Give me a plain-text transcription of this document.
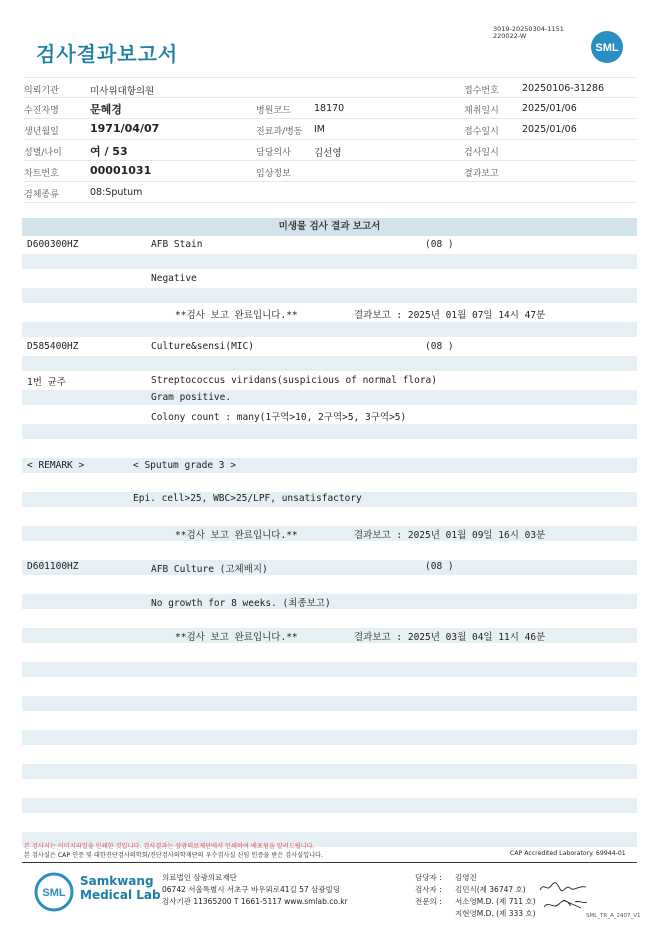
검사결과보고서
3019-20250304-1151
220022-W
SML
의뢰기관	미사위대항의원	접수번호 20250106-31286
수진자명	문혜경	병원코드 18170	채취일시 2025/01/06
생년월일	1971/04/07	진료과/병동 IM	접수일시 2025/01/06
성별/나이	여 / 53	담당의사 김선영	검사일시
차트번호	00001031	임상정보	결과보고
검체종류	08:Sputum
미생물 검사 결과 보고서
D600300HZ	AFB Stain	(08 )
Negative
**검사 보고 완료입니다.**	결과보고 : 2025년 01월 07일 14시 47분
D585400HZ	Culture&sensi(MIC)	(08 )
1번 균주	Streptococcus viridans(suspicious of normal flora)
Gram positive.
Colony count : many(1구역>10, 2구역>5, 3구역>5)
< REMARK >	< Sputum grade 3 >
Epi. cell>25, WBC>25/LPF, unsatisfactory
**검사 보고 완료입니다.**	결과보고 : 2025년 01월 09일 16시 03분
D601100HZ	AFB Culture (고체배지)	(08 )
No growth for 8 weeks. (최종보고)
**검사 보고 완료입니다.**	결과보고 : 2025년 03월 04일 11시 46분
본 검사지는 이미지파일을 인쇄한 것입니다. 검사결과는 삼광의료재단에서 인쇄하여 배포됨을 알려드립니다.
본 검사실은 CAP 인증 및 대한진단검사의학회/진단검사의학재단의 우수검사실 신임 인증을 받은 검사실입니다.	CAP Accredited Laboratory. 69944-01
SML
Samkwang
Medical Lab
의료법인 삼광의료재단
06742 서울특별시 서초구 바우뫼로41길 57 삼광빌딩
검사기관 11365200 T 1661-5117 www.smlab.co.kr
담당자 : 김영진
검사자 : 김민식(제 36747 호)
전문의 : 서소영M.D. (제 711 호)
지현영M.D. (제 333 호)	SML_TR_A_2407_V1
